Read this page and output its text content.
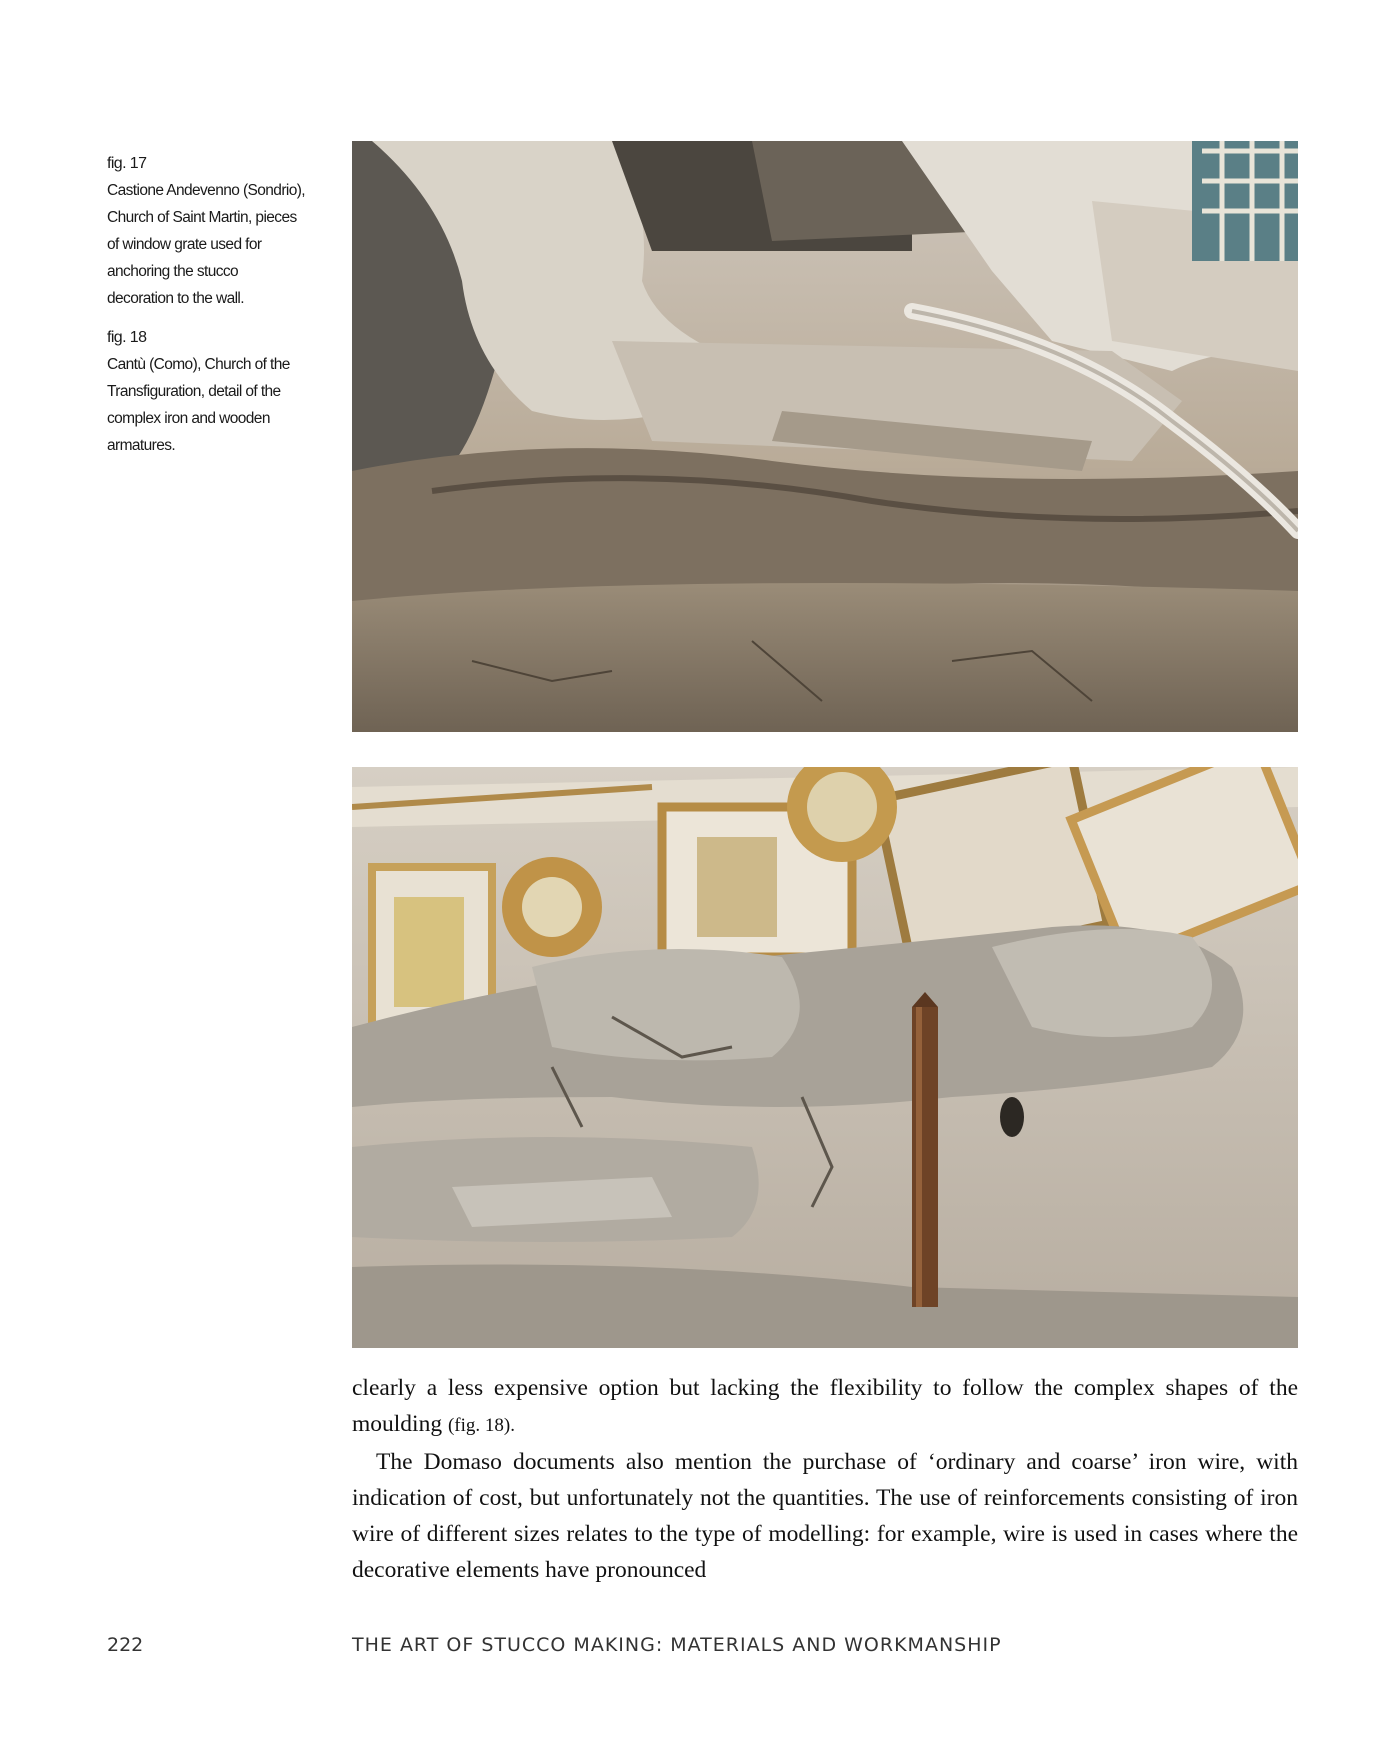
fig. 17
Castione Andevenno (Sondrio), Church of Saint Martin, pieces of window grate used for anchoring the stucco decoration to the wall.
fig. 18
Cantù (Como), Church of the Transfiguration, detail of the complex iron and wooden armatures.

clearly a less expensive option but lacking the flexibility to follow the complex shapes of the moulding (fig. 18).

The Domaso documents also mention the purchase of ‘ordinary and coarse’ iron wire, with indication of cost, but unfortunately not the quantities. The use of reinforcements consisting of iron wire of different sizes relates to the type of modelling: for example, wire is used in cases where the decorative elements have pronounced

222	THE ART OF STUCCO MAKING: MATERIALS AND WORKMANSHIP
